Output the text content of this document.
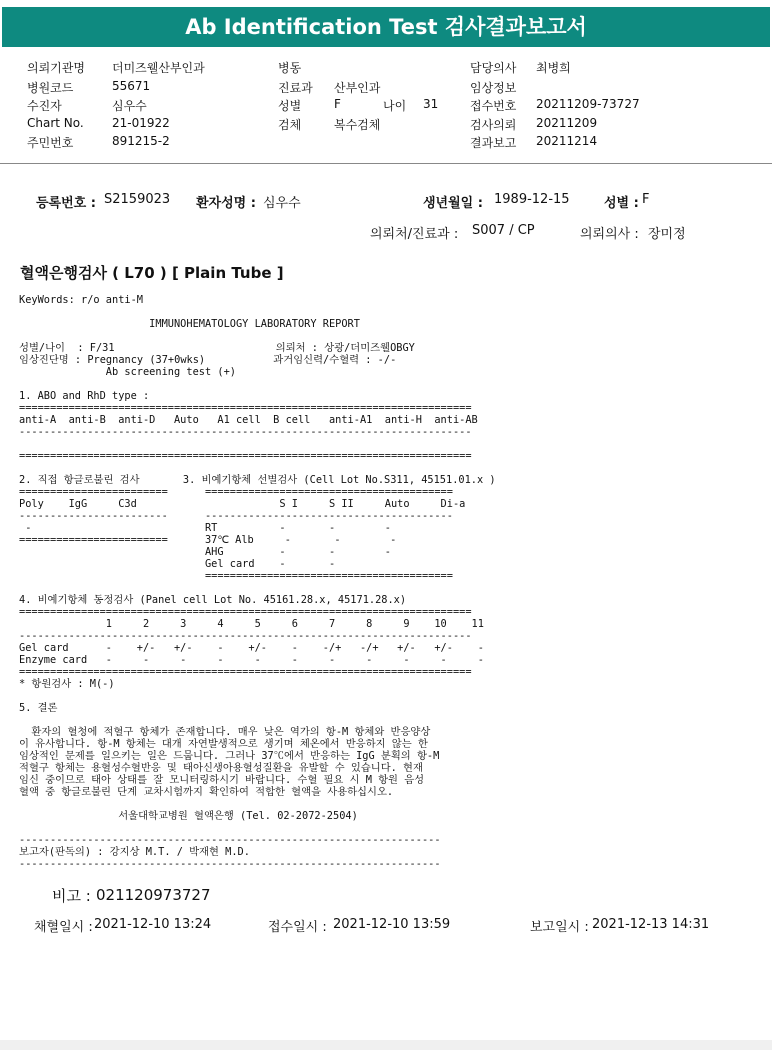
Ab Identification Test 검사결과보고서
의뢰기관명 더미즈웰산부인과
병원코드	55671
수진자	심우수
Chart No. 21-01922
주민번호	891215-2
병동
진료과 산부인과
성별	F	나이 31
검체	복수검체
담당의사 최병희
임상정보
접수번호 20211209-73727
검사의뢰 20211209
결과보고 20211214
등록번호 : S2159023 환자성명 : 심우수	생년월일 : 1989-12-15	성별 : F
의뢰처/진료과 : S007 / CP	의뢰의사 : 장미정
혈액은행검사 ( L70 ) [ Plain Tube ]
KeyWords: r/o anti-M

IMMUNOHEMATOLOGY LABORATORY REPORT

성별/나이  : F/31                          의뢰처 : 상광/더미즈웰OBGY
임상진단명 : Pregnancy (37+0wks)           과거임신력/수혈력 : -/-
Ab screening test (+)

1. ABO and RhD type :
=========================================================================
anti-A  anti-B  anti-D   Auto   A1 cell  B cell   anti-A1  anti-H  anti-AB
-------------------------------------------------------------------------

=========================================================================

2. 직접 항글로불린 검사       3. 비예기항체 선별검사 (Cell Lot No.S311, 45151.01.x )
========================      ========================================
Poly    IgG     C3d                       S I     S II     Auto     Di-a
------------------------      ----------------------------------------
-                            RT          -       -        -
========================      37℃ Alb     -       -        -
AHG         -       -        -
Gel card    -       -
========================================

4. 비예기항체 동정검사 (Panel cell Lot No. 45161.28.x, 45171.28.x)
=========================================================================
1     2     3     4     5     6     7     8     9    10    11
-------------------------------------------------------------------------
Gel card      -    +/-   +/-    -    +/-    -    -/+   -/+   +/-   +/-    -
Enzyme card   -     -     -     -     -     -     -     -     -     -     -
=========================================================================
* 항원검사 : M(-)

5. 결론

환자의 혈청에 적혈구 항체가 존재합니다. 매우 낮은 역가의 항-M 항체와 반응양상
이 유사합니다. 항-M 항체는 대개 자연발생적으로 생기며 체온에서 반응하지 않는 한
임상적인 문제를 일으키는 일은 드뭅니다. 그러나 37℃에서 반응하는 IgG 분획의 항-M
적혈구 항체는 용혈성수혈반응 및 태아신생아용혈성질환을 유발할 수 있습니다. 현재
임신 중이므로 태아 상태를 잘 모니터링하시기 바랍니다. 수혈 필요 시 M 항원 음성
혈액 중 항글로불린 단계 교차시험까지 확인하여 적합한 혈액을 사용하십시오.

서울대학교병원 혈액은행 (Tel. 02-2072-2504)

--------------------------------------------------------------------
보고자(판독의) : 강지상 M.T. / 박재현 M.D.
--------------------------------------------------------------------
비고 : 021120973727
채혈일시 : 2021-12-10 13:24	접수일시 : 2021-12-10 13:59	보고일시 : 2021-12-13 14:31
